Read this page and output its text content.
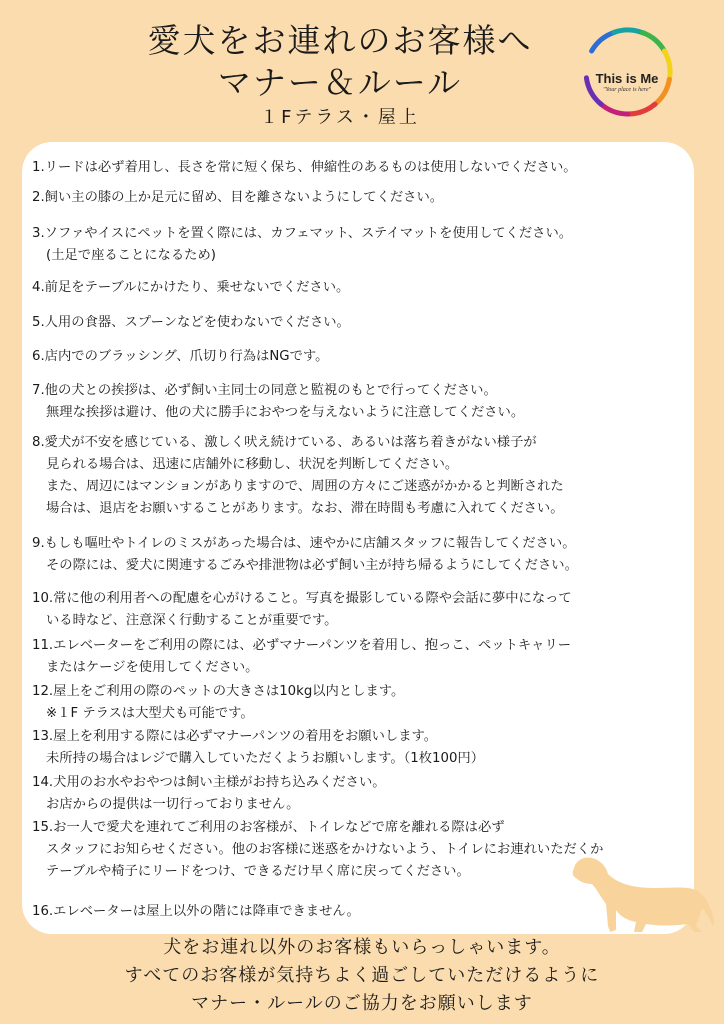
愛犬をお連れのお客様へ
マナー＆ルール
１Fテラス・屋上
This is Me
"Your place is here"
1.リードは必ず着用し、長さを常に短く保ち、伸縮性のあるものは使用しないでください。
2.飼い主の膝の上か足元に留め、目を離さないようにしてください。
3.ソファやイスにペットを置く際には、カフェマット、ステイマットを使用してください。
(土足で座ることになるため)
4.前足をテーブルにかけたり、乗せないでください。
5.人用の食器、スプーンなどを使わないでください。
6.店内でのブラッシング、爪切り行為はNGです。
7.他の犬との挨拶は、必ず飼い主同士の同意と監視のもとで行ってください。
無理な挨拶は避け、他の犬に勝手におやつを与えないように注意してください。
8.愛犬が不安を感じている、激しく吠え続けている、あるいは落ち着きがない様子が
見られる場合は、迅速に店舗外に移動し、状況を判断してください。
また、周辺にはマンションがありますので、周囲の方々にご迷惑がかかると判断された
場合は、退店をお願いすることがあります。なお、滞在時間も考慮に入れてください。
9.もしも嘔吐やトイレのミスがあった場合は、速やかに店舗スタッフに報告してください。
その際には、愛犬に関連するごみや排泄物は必ず飼い主が持ち帰るようにしてください。
10.常に他の利用者への配慮を心がけること。写真を撮影している際や会話に夢中になって
いる時など、注意深く行動することが重要です。
11.エレベーターをご利用の際には、必ずマナーパンツを着用し、抱っこ、ペットキャリー
またはケージを使用してください。
12.屋上をご利用の際のペットの大きさは10kg以内とします。
※１F テラスは大型犬も可能です。
13.屋上を利用する際には必ずマナーパンツの着用をお願いします。
未所持の場合はレジで購入していただくようお願いします。（1枚100円）
14.犬用のお水やおやつは飼い主様がお持ち込みください。
お店からの提供は一切行っておりません。
15.お一人で愛犬を連れてご利用のお客様が、トイレなどで席を離れる際は必ず
スタッフにお知らせください。他のお客様に迷惑をかけないよう、トイレにお連れいただくか
テーブルや椅子にリードをつけ、できるだけ早く席に戻ってください。
16.エレベーターは屋上以外の階には降車できません。
犬をお連れ以外のお客様もいらっしゃいます。
すべてのお客様が気持ちよく過ごしていただけるように
マナー・ルールのご協力をお願いします
